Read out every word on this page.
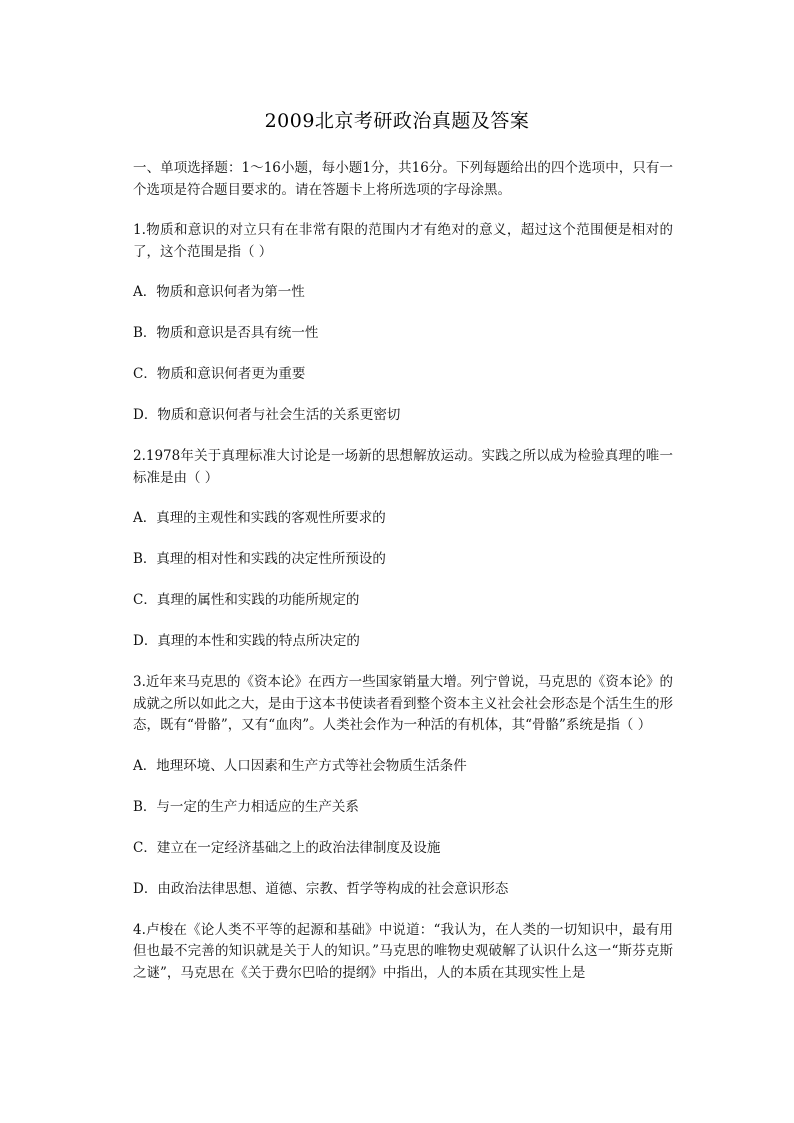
2009北京考研政治真题及答案

一、单项选择题：1～16小题，每小题1分，共16分。下列每题给出的四个选项中，只有一个选项是符合题目要求的。请在答题卡上将所选项的字母涂黑。

1.物质和意识的对立只有在非常有限的范围内才有绝对的意义，超过这个范围便是相对的了，这个范围是指（ ）

A．物质和意识何者为第一性

B．物质和意识是否具有统一性

C．物质和意识何者更为重要

D．物质和意识何者与社会生活的关系更密切

2.1978年关于真理标准大讨论是一场新的思想解放运动。实践之所以成为检验真理的唯一标准是由（ ）

A．真理的主观性和实践的客观性所要求的

B．真理的相对性和实践的决定性所预设的

C．真理的属性和实践的功能所规定的

D．真理的本性和实践的特点所决定的

3.近年来马克思的《资本论》在西方一些国家销量大增。列宁曾说，马克思的《资本论》的成就之所以如此之大，是由于这本书使读者看到整个资本主义社会社会形态是个活生生的形态，既有“骨骼”，又有“血肉”。人类社会作为一种活的有机体，其“骨骼”系统是指（ ）

A．地理环境、人口因素和生产方式等社会物质生活条件

B．与一定的生产力相适应的生产关系

C．建立在一定经济基础之上的政治法律制度及设施

D．由政治法律思想、道德、宗教、哲学等构成的社会意识形态

4.卢梭在《论人类不平等的起源和基础》中说道：“我认为，在人类的一切知识中，最有用但也最不完善的知识就是关于人的知识。”马克思的唯物史观破解了认识什么这一“斯芬克斯之谜”，马克思在《关于费尔巴哈的提纲》中指出，人的本质在其现实性上是
